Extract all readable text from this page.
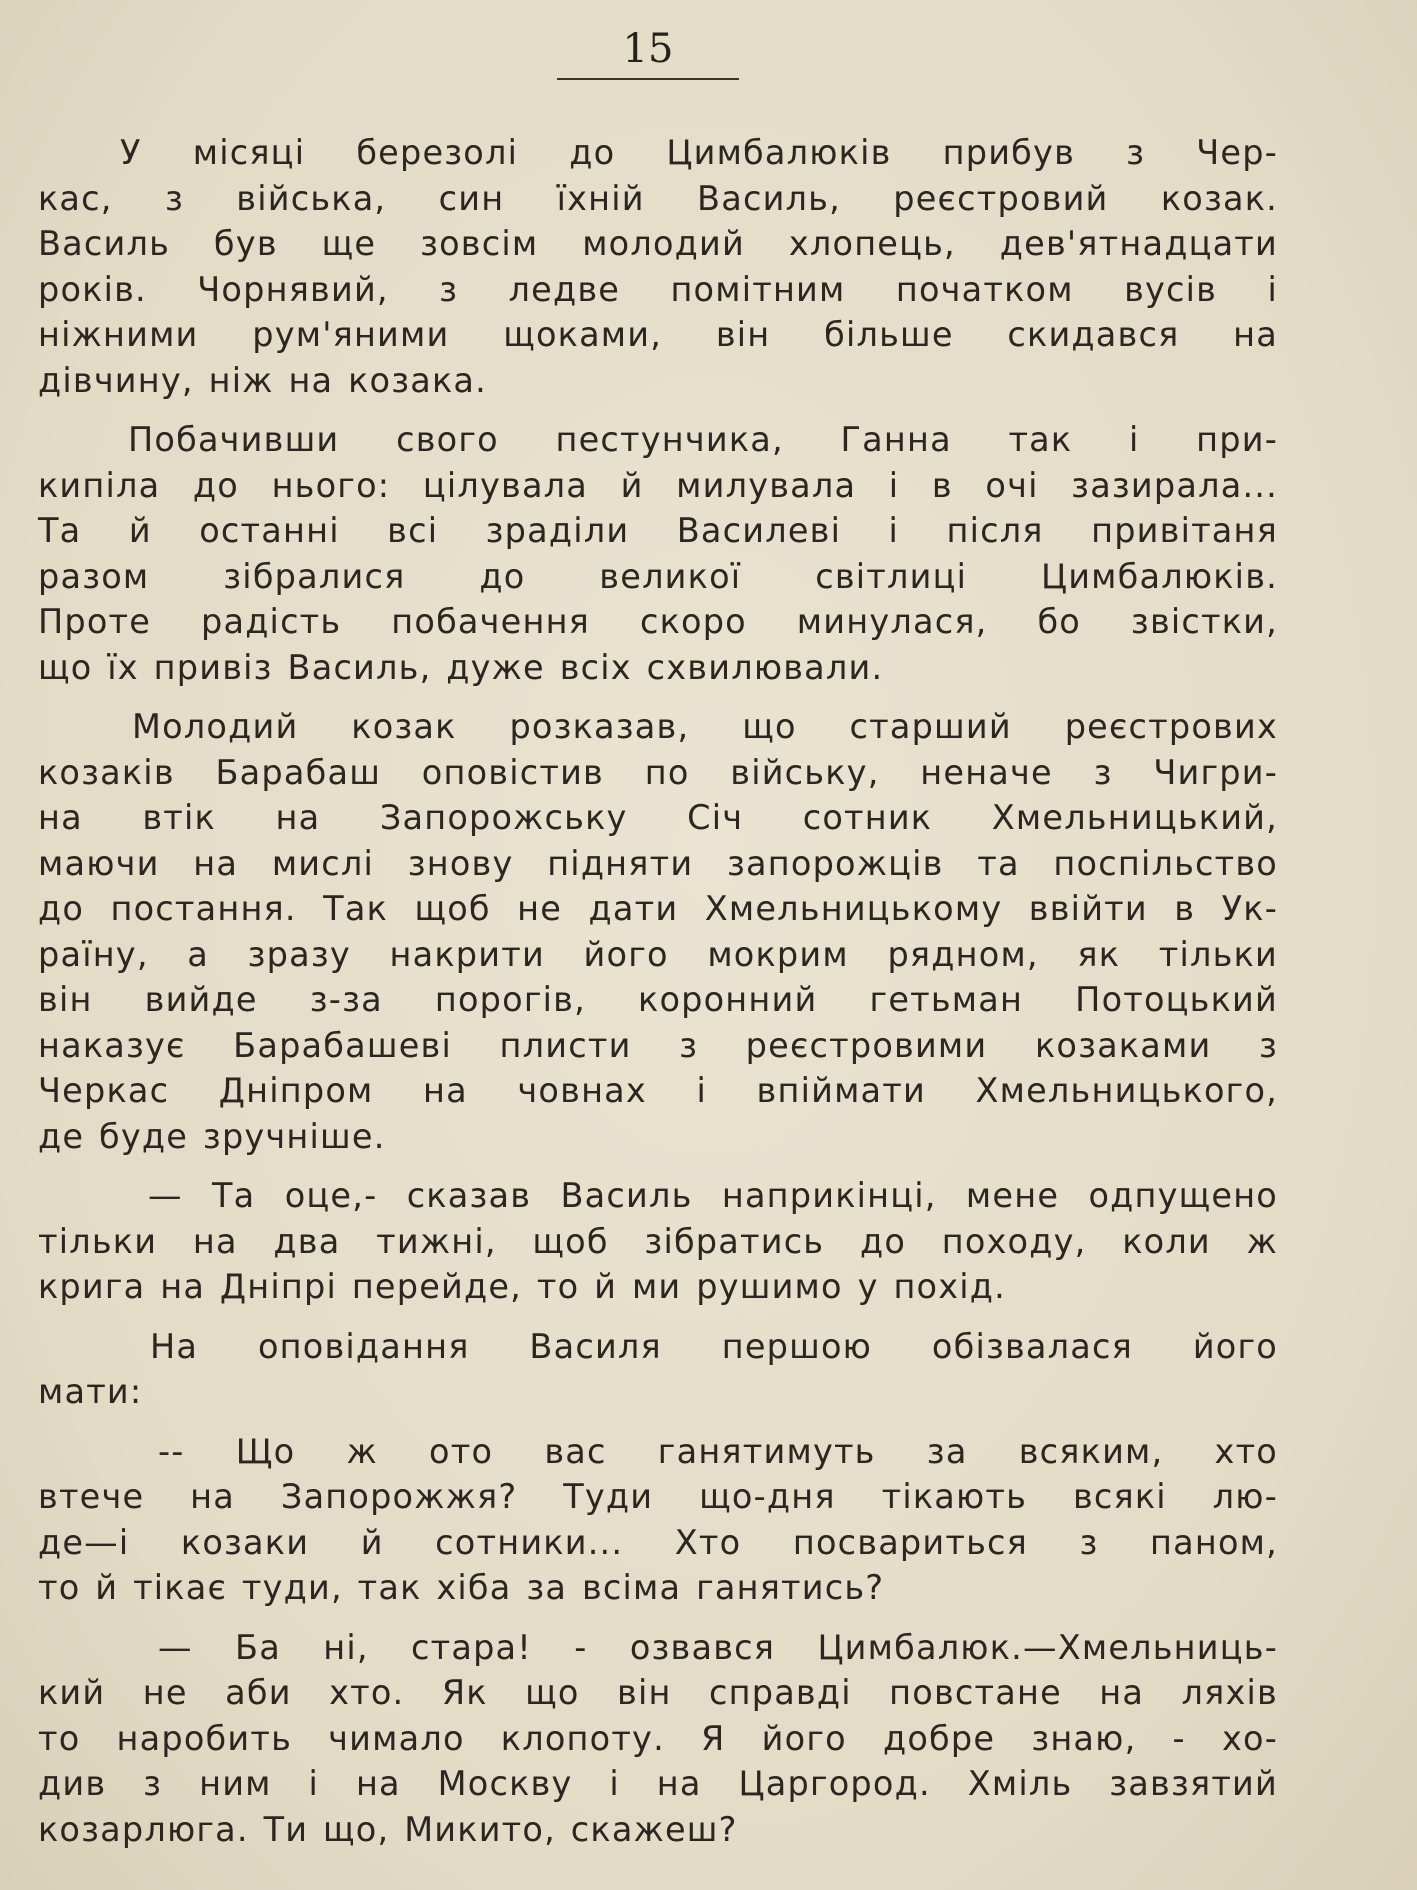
15
У місяці березолі до Цимбалюків прибув з Чер-
кас, з війська, син їхній Василь, реєстровий козак.
Василь був ще зовсім молодий хлопець, дев'ятнадцати
років. Чорнявий, з ледве помітним початком вусів і
ніжними рум'яними щоками, він більше скидався на
дівчину, ніж на козака.
Побачивши свого пестунчика, Ганна так і при-
кипіла до нього: цілувала й милувала і в очі зазирала...
Та й останні всі зраділи Василеві і після привітаня
разом зібралися до великої світлиці Цимбалюків.
Проте радість побачення скоро минулася, бо звістки,
що їх привіз Василь, дуже всіх схвилювали.
Молодий козак розказав, що старший реєстрових
козаків Барабаш оповістив по війську, неначе з Чигри-
на втік на Запорожську Січ сотник Хмельницький,
маючи на мислі знову підняти запорожців та поспільство
до постання. Так щоб не дати Хмельницькому ввійти в Ук-
раїну, а зразу накрити його мокрим рядном, як тільки
він вийде з-за порогів, коронний гетьман Потоцький
наказує Барабашеві плисти з реєстровими козаками з
Черкас Дніпром на човнах і впіймати Хмельницького,
де буде зручніше.
— Та оце,- сказав Василь наприкінці, мене одпущено
тільки на два тижні, щоб зібратись до походу, коли ж
крига на Дніпрі перейде, то й ми рушимо у похід.
На оповідання Василя першою обізвалася його
мати:
-- Що ж ото вас ганятимуть за всяким, хто
втече на Запорожжя? Туди що-дня тікають всякі лю-
де—і козаки й сотники... Хто посвариться з паном,
то й тікає туди, так хіба за всіма ганятись?
— Ба ні, стара! - озвався Цимбалюк.—Хмельниць-
кий не аби хто. Як що він справді повстане на ляхів
то наробить чимало клопоту. Я його добре знаю, - хо-
див з ним і на Москву і на Царгород. Хміль завзятий
козарлюга. Ти що, Микито, скажеш?
